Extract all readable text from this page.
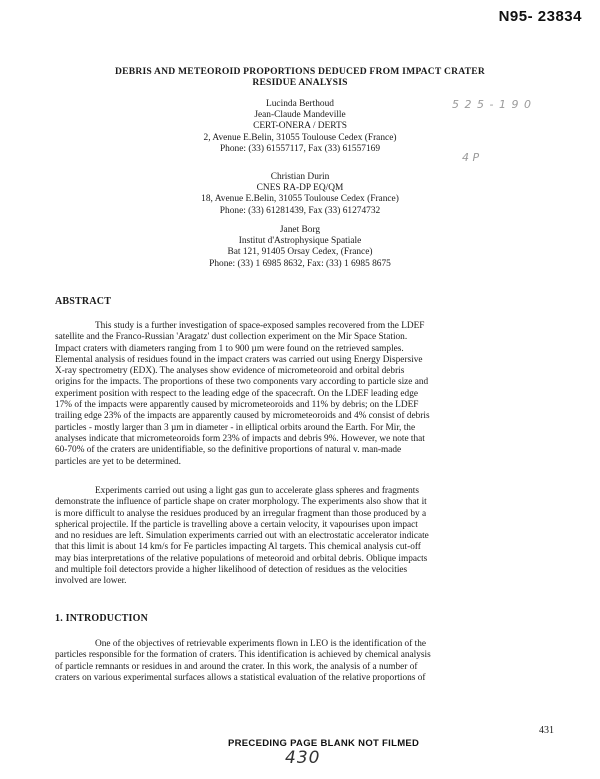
N95- 23834
DEBRIS AND METEOROID PROPORTIONS DEDUCED FROM IMPACT CRATER
RESIDUE ANALYSIS
5 2 5 - 1 9 0
4 P
Lucinda Berthoud
Jean-Claude Mandeville
CERT-ONERA / DERTS
2, Avenue E.Belin, 31055 Toulouse Cedex (France)
Phone: (33) 61557117, Fax (33) 61557169
Christian Durin
CNES RA-DP EQ/QM
18, Avenue E.Belin, 31055 Toulouse Cedex (France)
Phone: (33) 61281439, Fax (33) 61274732
Janet Borg
Institut d'Astrophysique Spatiale
Bat 121, 91405 Orsay Cedex, (France)
Phone: (33) 1 6985 8632, Fax: (33) 1 6985 8675
ABSTRACT
This study is a further investigation of space-exposed samples recovered from the LDEF
satellite and the Franco-Russian 'Aragatz' dust collection experiment on the Mir Space Station.
Impact craters with diameters ranging from 1 to 900 µm were found on the retrieved samples.
Elemental analysis of residues found in the impact craters was carried out using Energy Dispersive
X-ray spectrometry (EDX). The analyses show evidence of micrometeoroid and orbital debris
origins for the impacts. The proportions of these two components vary according to particle size and
experiment position with respect to the leading edge of the spacecraft. On the LDEF leading edge
17% of the impacts were apparently caused by micrometeoroids and 11% by debris; on the LDEF
trailing edge 23% of the impacts are apparently caused by micrometeoroids and 4% consist of debris
particles - mostly larger than 3 µm in diameter - in elliptical orbits around the Earth. For Mir, the
analyses indicate that micrometeoroids form 23% of impacts and debris 9%. However, we note that
60-70% of the craters are unidentifiable, so the definitive proportions of natural v. man-made
particles are yet to be determined.
Experiments carried out using a light gas gun to accelerate glass spheres and fragments
demonstrate the influence of particle shape on crater morphology. The experiments also show that it
is more difficult to analyse the residues produced by an irregular fragment than those produced by a
spherical projectile. If the particle is travelling above a certain velocity, it vapourises upon impact
and no residues are left. Simulation experiments carried out with an electrostatic accelerator indicate
that this limit is about 14 km/s for Fe particles impacting Al targets. This chemical analysis cut-off
may bias interpretations of the relative populations of meteoroid and orbital debris. Oblique impacts
and multiple foil detectors provide a higher likelihood of detection of residues as the velocities
involved are lower.
1. INTRODUCTION
One of the objectives of retrievable experiments flown in LEO is the identification of the
particles responsible for the formation of craters. This identification is achieved by chemical analysis
of particle remnants or residues in and around the crater. In this work, the analysis of a number of
craters on various experimental surfaces allows a statistical evaluation of the relative proportions of
431
PRECEDING PAGE BLANK NOT FILMED
430
